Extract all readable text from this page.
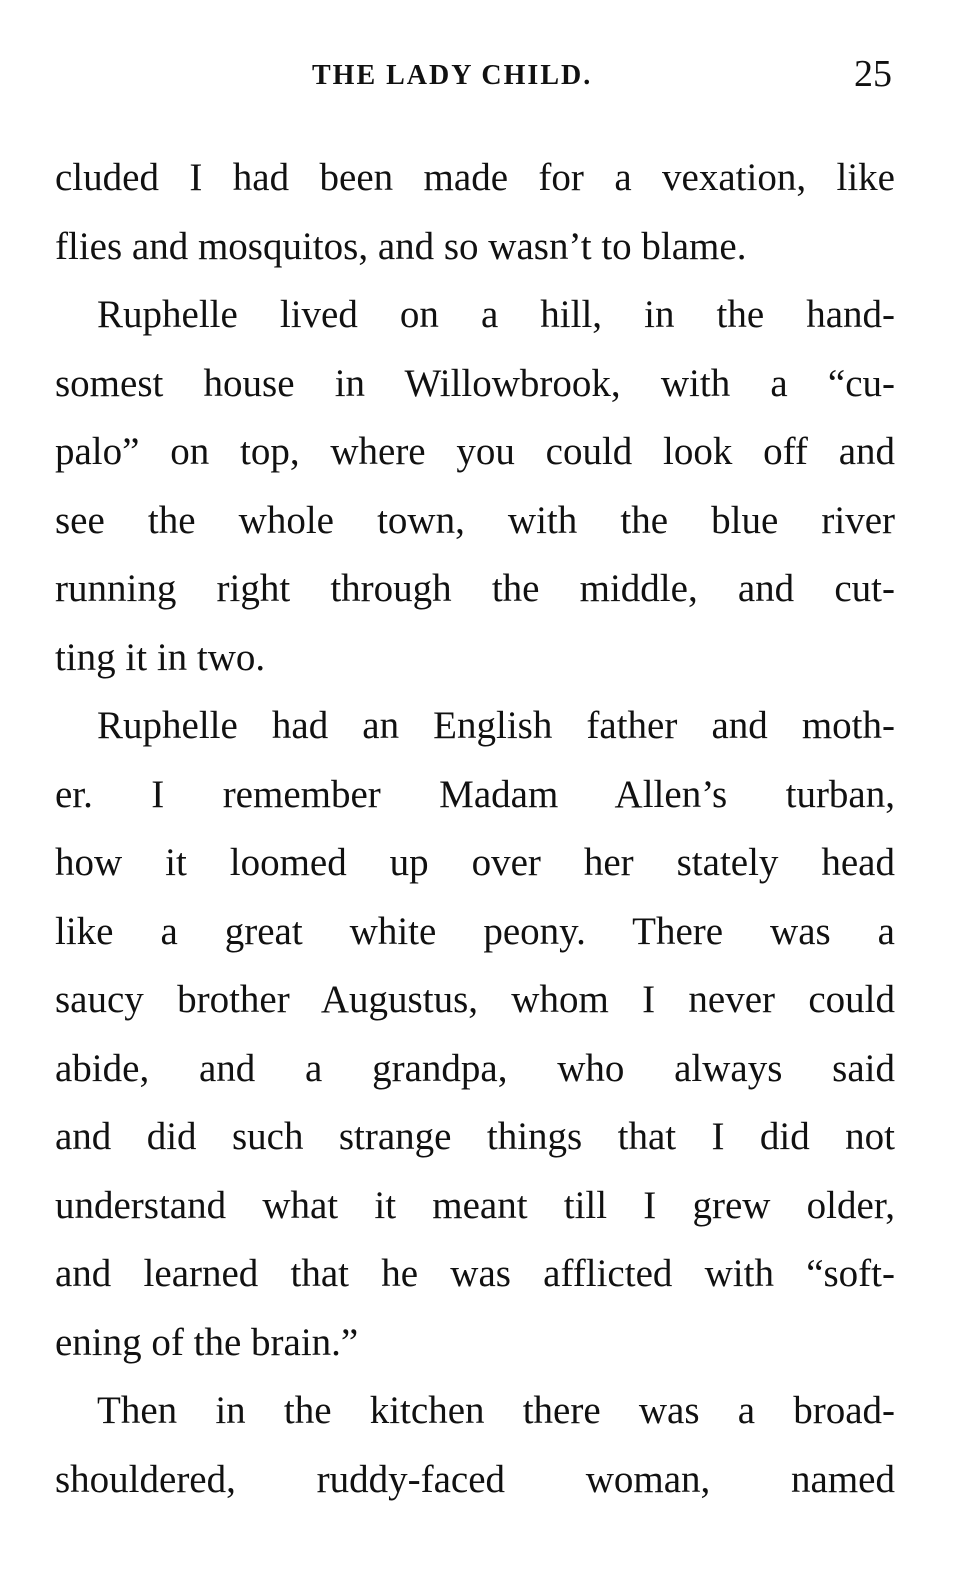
THE LADY CHILD.	25
cluded I had been made for a vexation, like
flies and mosquitos, and so wasn’t to blame.
Ruphelle lived on a hill, in the hand-
somest house in Willowbrook, with a “cu-
palo” on top, where you could look off and
see the whole town, with the blue river
running right through the middle, and cut-
ting it in two.
Ruphelle had an English father and moth-
er. I remember Madam Allen’s turban,
how it loomed up over her stately head
like a great white peony. There was a
saucy brother Augustus, whom I never could
abide, and a grandpa, who always said
and did such strange things that I did not
understand what it meant till I grew older,
and learned that he was afflicted with “soft-
ening of the brain.”
Then in the kitchen there was a broad-
shouldered, ruddy-faced woman, named
